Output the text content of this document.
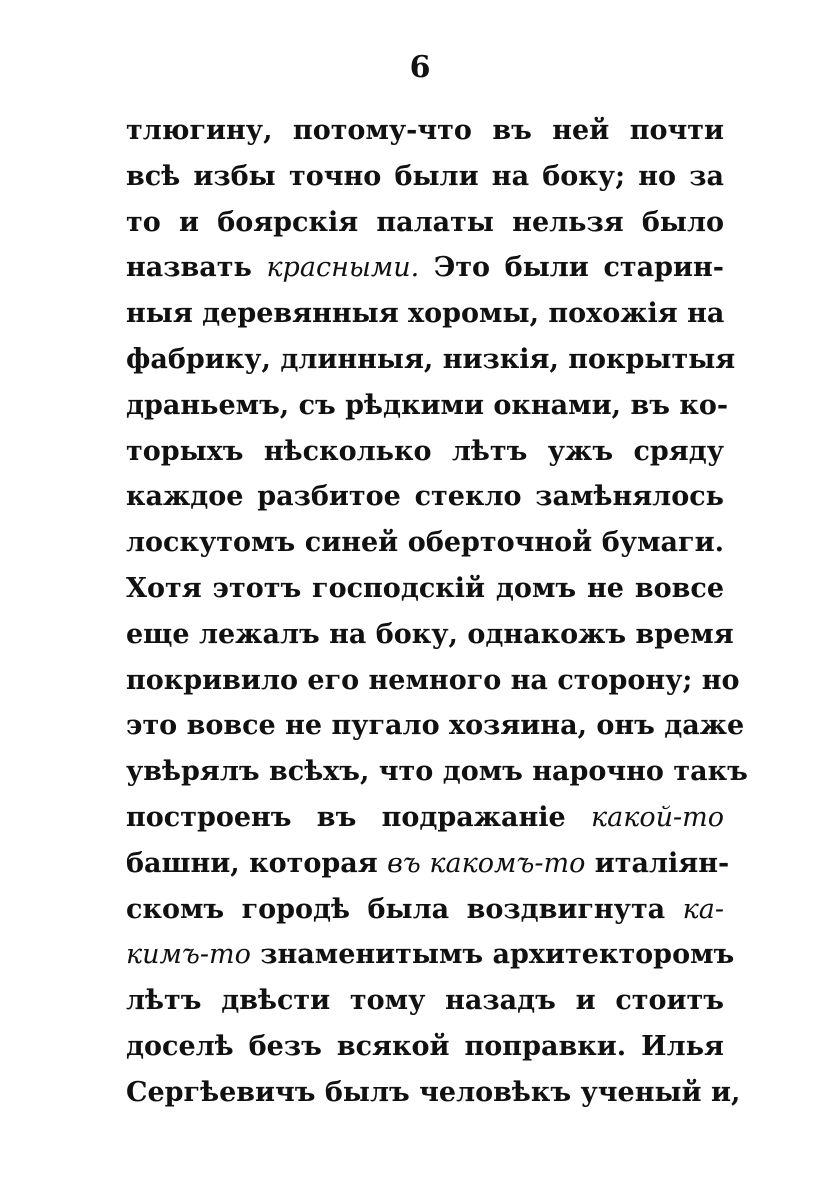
6
тлюгину, потому-что въ ней почти
всѣ избы точно были на боку; но за
то и боярскія палаты нельзя было
назвать красными. Это были старин-
ныя деревянныя хоромы, похожія на
фабрику, длинныя, низкія, покрытыя
драньемъ, съ рѣдкими окнами, въ ко-
торыхъ нѣсколько лѣтъ ужъ сряду
каждое разбитое стекло замѣнялось
лоскутомъ синей оберточной бумаги.
Хотя этотъ господскій домъ не вовсе
еще лежалъ на боку, однакожъ время
покривило его немного на сторону; но
это вовсе не пугало хозяина, онъ даже
увѣрялъ всѣхъ, что домъ нарочно такъ
построенъ въ подражаніе какой-то
башни, которая въ какомъ-то италіян-
скомъ городѣ была воздвигнута ка-
кимъ-то знаменитымъ архитекторомъ
лѣтъ двѣсти тому назадъ и стоитъ
доселѣ безъ всякой поправки. Илья
Сергѣевичъ былъ человѣкъ ученый и,
